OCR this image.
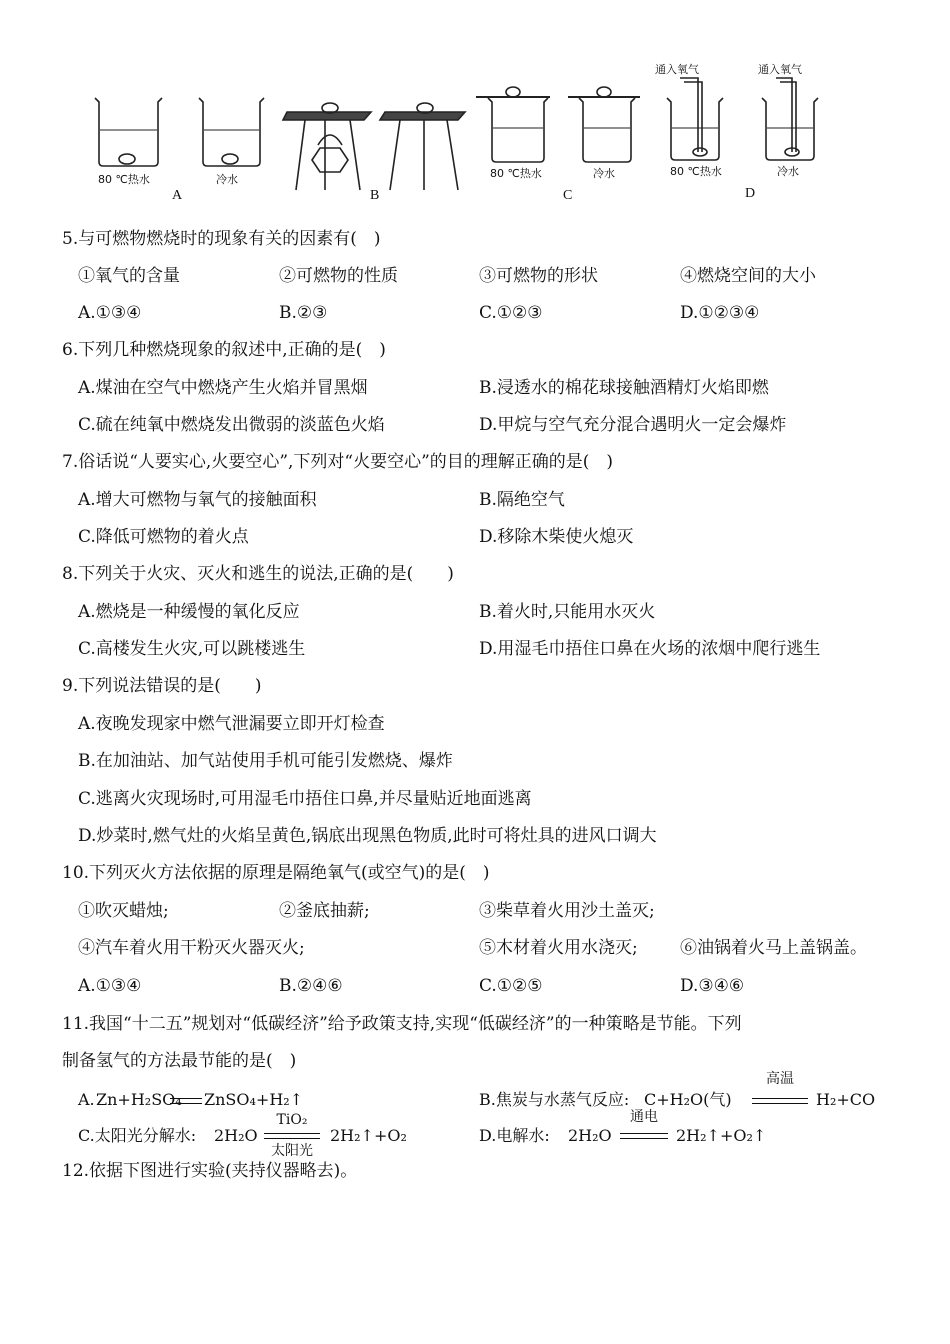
80 ℃热水	冷水	80 ℃热水	冷水	80 ℃热水	冷水
通入氧气	通入氧气
A	B	C	D
5.与可燃物燃烧时的现象有关的因素有(　)
①氧气的含量	②可燃物的性质	③可燃物的形状	④燃烧空间的大小
A.①③④	B.②③	C.①②③	D.①②③④
6.下列几种燃烧现象的叙述中,正确的是(　)
A.煤油在空气中燃烧产生火焰并冒黑烟	B.浸透水的棉花球接触酒精灯火焰即燃
C.硫在纯氧中燃烧发出微弱的淡蓝色火焰	D.甲烷与空气充分混合遇明火一定会爆炸
7.俗话说“人要实心,火要空心”,下列对“火要空心”的目的理解正确的是(　)
A.增大可燃物与氧气的接触面积	B.隔绝空气
C.降低可燃物的着火点	D.移除木柴使火熄灭
8.下列关于火灾、灭火和逃生的说法,正确的是(　　)
A.燃烧是一种缓慢的氧化反应	B.着火时,只能用水灭火
C.高楼发生火灾,可以跳楼逃生	D.用湿毛巾捂住口鼻在火场的浓烟中爬行逃生
9.下列说法错误的是(　　)
A.夜晚发现家中燃气泄漏要立即开灯检查
B.在加油站、加气站使用手机可能引发燃烧、爆炸
C.逃离火灾现场时,可用湿毛巾捂住口鼻,并尽量贴近地面逃离
D.炒菜时,燃气灶的火焰呈黄色,锅底出现黑色物质,此时可将灶具的进风口调大
10.下列灭火方法依据的原理是隔绝氧气(或空气)的是(　)
①吹灭蜡烛;	②釜底抽薪;	③柴草着火用沙土盖灭;
④汽车着火用干粉灭火器灭火;	⑤木材着火用水浇灭; ⑥油锅着火马上盖锅盖。
A.①③④	B.②④⑥	C.①②⑤	D.③④⑥
11.我国“十二五”规划对“低碳经济”给予政策支持,实现“低碳经济”的一种策略是节能。下列
制备氢气的方法最节能的是(　)
A. Zn+H₂SO₄ ZnSO₄+H₂↑	B.焦炭与水蒸气反应: C+H₂O(气)
高温
H₂+CO
C.太阳光分解水: 2H₂O
TiO₂
太阳光
2H₂↑+O₂	D.电解水: 2H₂O
通电
2H₂↑+O₂↑
12.依据下图进行实验(夹持仪器略去)。
